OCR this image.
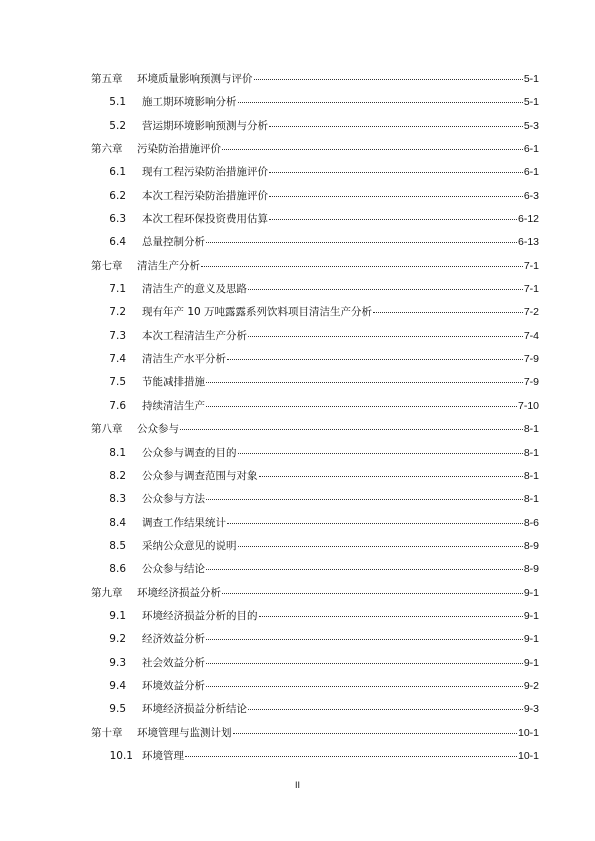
第五章 环境质量影响预测与评价	5-1
5.1 施工期环境影响分析	5-1
5.2 营运期环境影响预测与分析	5-3
第六章 污染防治措施评价	6-1
6.1 现有工程污染防治措施评价	6-1
6.2 本次工程污染防治措施评价	6-3
6.3 本次工程环保投资费用估算	6-12
6.4 总量控制分析	6-13
第七章 清洁生产分析	7-1
7.1 清洁生产的意义及思路	7-1
7.2 现有年产 10 万吨露露系列饮料项目清洁生产分析	7-2
7.3 本次工程清洁生产分析	7-4
7.4 清洁生产水平分析	7-9
7.5 节能减排措施	7-9
7.6 持续清洁生产	7-10
第八章 公众参与	8-1
8.1 公众参与调查的目的	8-1
8.2 公众参与调查范围与对象	8-1
8.3 公众参与方法	8-1
8.4 调查工作结果统计	8-6
8.5 采纳公众意见的说明	8-9
8.6 公众参与结论	8-9
第九章 环境经济损益分析	9-1
9.1 环境经济损益分析的目的	9-1
9.2 经济效益分析	9-1
9.3 社会效益分析	9-1
9.4 环境效益分析	9-2
9.5 环境经济损益分析结论	9-3
第十章 环境管理与监测计划	10-1
10.1 环境管理	10-1
II
